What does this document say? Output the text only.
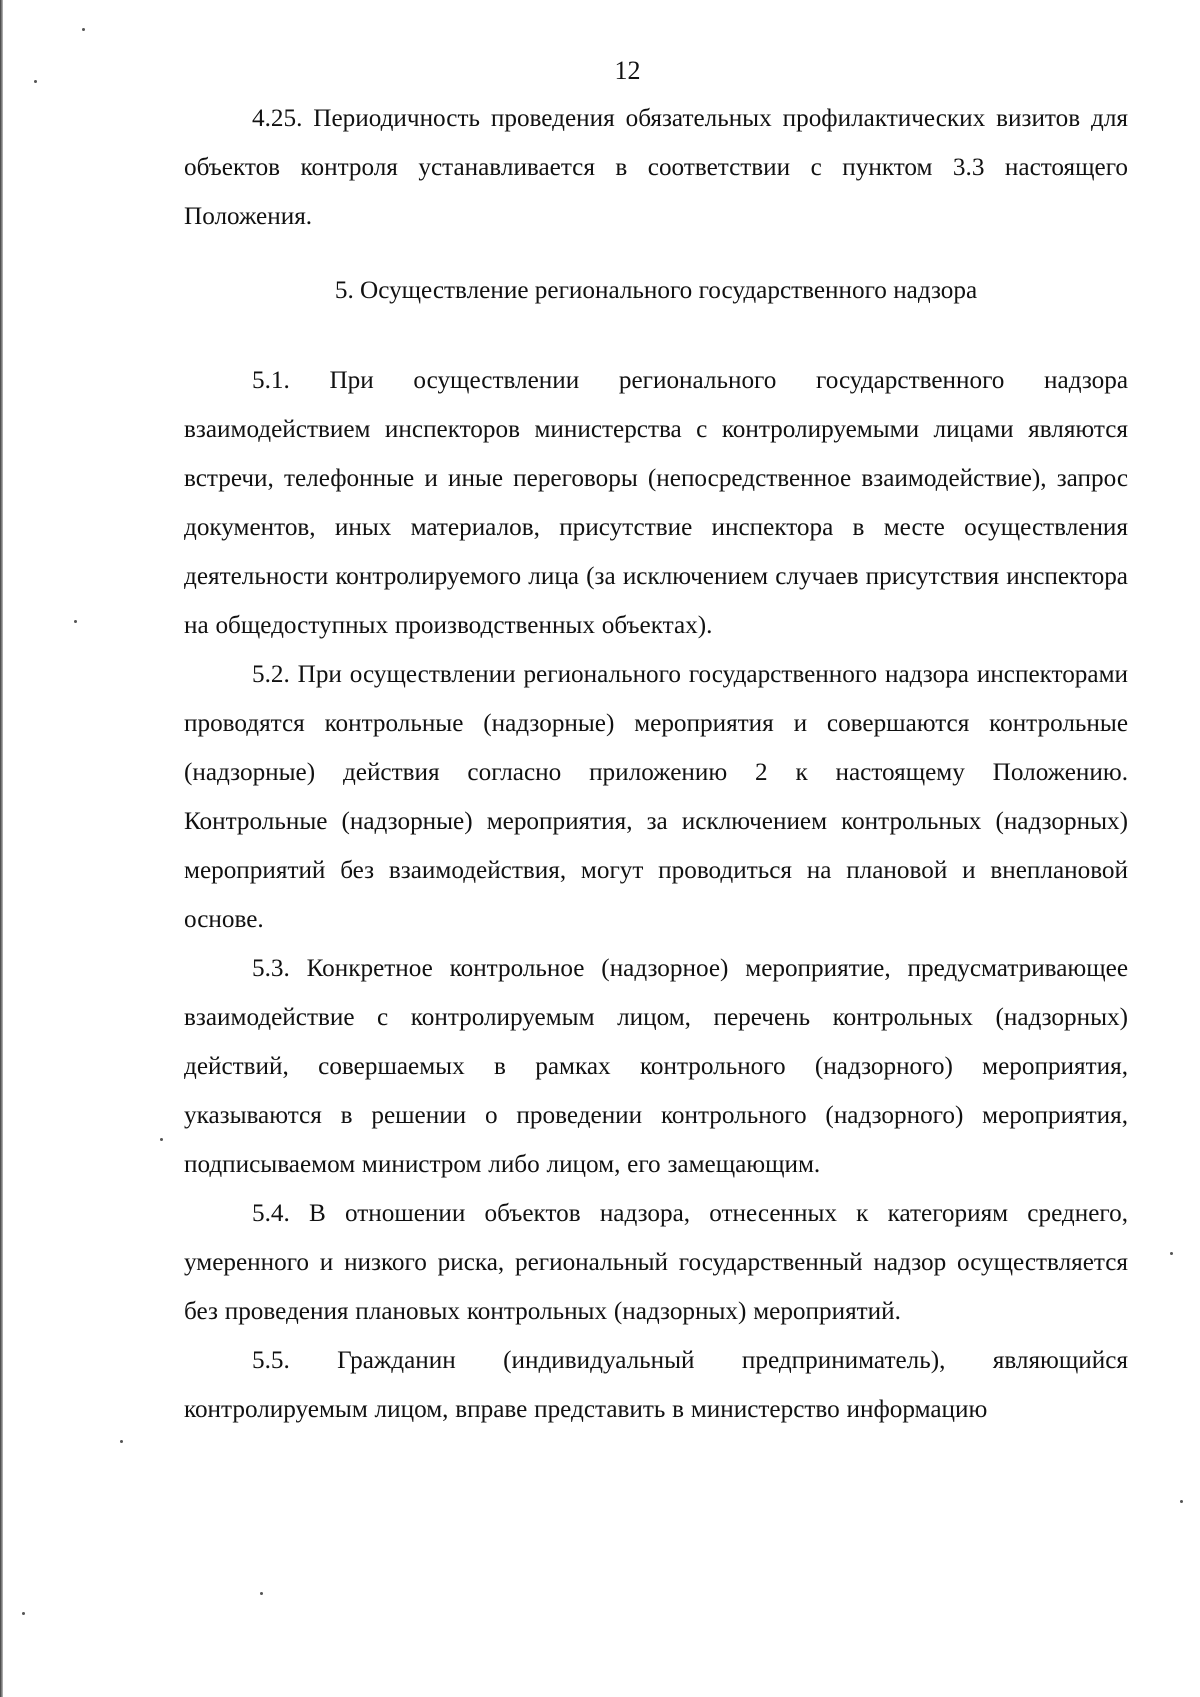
12

4.25. Периодичность проведения обязательных профилактических визитов для объектов контроля устанавливается в соответствии с пунктом 3.3 настоящего Положения.

5. Осуществление регионального государственного надзора

5.1. При осуществлении регионального государственного надзора взаимодействием инспекторов министерства с контролируемыми лицами являются встречи, телефонные и иные переговоры (непосредственное взаимодействие), запрос документов, иных материалов, присутствие инспектора в месте осуществления деятельности контролируемого лица (за исключением случаев присутствия инспектора на общедоступных производственных объектах).

5.2. При осуществлении регионального государственного надзора инспекторами проводятся контрольные (надзорные) мероприятия и совершаются контрольные (надзорные) действия согласно приложению 2 к настоящему Положению. Контрольные (надзорные) мероприятия, за исключением контрольных (надзорных) мероприятий без взаимодействия, могут проводиться на плановой и внеплановой основе.

5.3. Конкретное контрольное (надзорное) мероприятие, предусматривающее взаимодействие с контролируемым лицом, перечень контрольных (надзорных) действий, совершаемых в рамках контрольного (надзорного) мероприятия, указываются в решении о проведении контрольного (надзорного) мероприятия, подписываемом министром либо лицом, его замещающим.

5.4. В отношении объектов надзора, отнесенных к категориям среднего, умеренного и низкого риска, региональный государственный надзор осуществляется без проведения плановых контрольных (надзорных) мероприятий.

5.5. Гражданин (индивидуальный предприниматель), являющийся контролируемым лицом, вправе представить в министерство информацию
